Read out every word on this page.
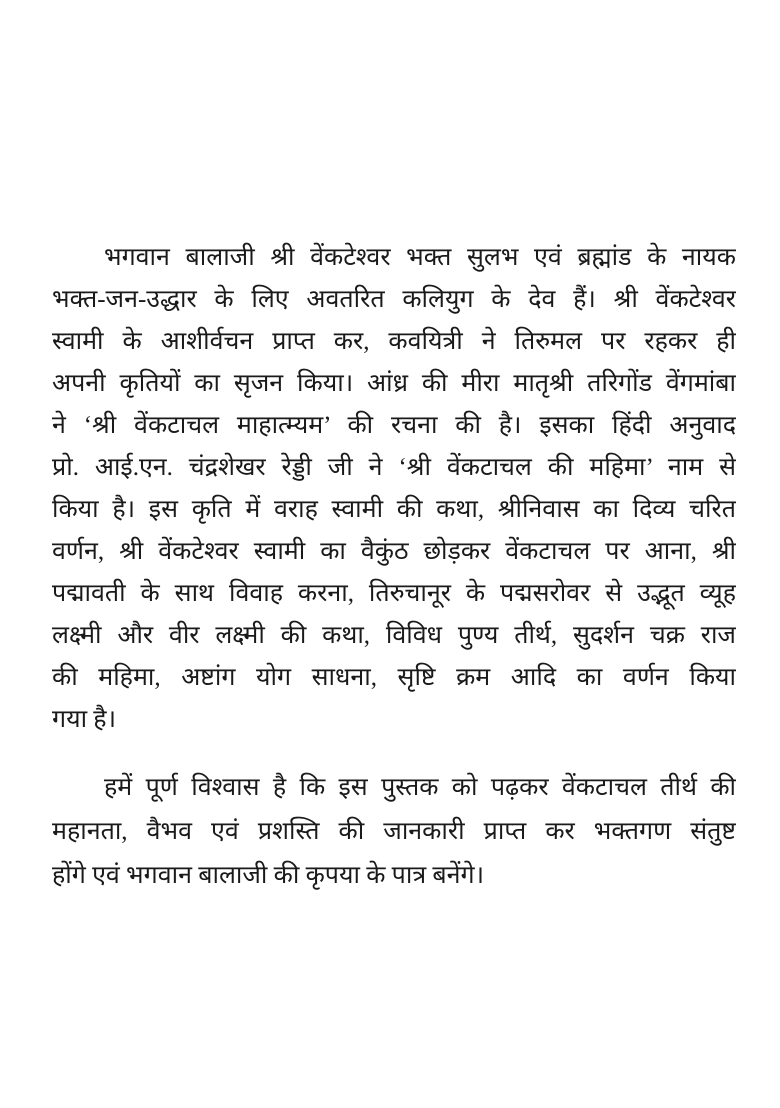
भगवान बालाजी श्री वेंकटेश्वर भक्त सुलभ एवं ब्रह्मांड के नायक
भक्त-जन-उद्धार के लिए अवतरित कलियुग के देव हैं। श्री वेंकटेश्वर
स्वामी के आशीर्वचन प्राप्त कर, कवयित्री ने तिरुमल पर रहकर ही
अपनी कृतियों का सृजन किया। आंध्र की मीरा मातृश्री तरिगोंड वेंगमांबा
ने ‘श्री वेंकटाचल माहात्म्यम’ की रचना की है। इसका हिंदी अनुवाद
प्रो. आई.एन. चंद्रशेखर रेड्डी जी ने ‘श्री वेंकटाचल की महिमा’ नाम से
किया है। इस कृति में वराह स्वामी की कथा, श्रीनिवास का दिव्य चरित
वर्णन, श्री वेंकटेश्वर स्वामी का वैकुंठ छोड़कर वेंकटाचल पर आना, श्री
पद्मावती के साथ विवाह करना, तिरुचानूर के पद्मसरोवर से उद्भूत व्यूह
लक्ष्मी और वीर लक्ष्मी की कथा, विविध पुण्य तीर्थ, सुदर्शन चक्र राज
की महिमा, अष्टांग योग साधना, सृष्टि क्रम आदि का वर्णन किया
गया है।
हमें पूर्ण विश्वास है कि इस पुस्तक को पढ़कर वेंकटाचल तीर्थ की
महानता, वैभव एवं प्रशस्ति की जानकारी प्राप्त कर भक्तगण संतुष्ट
होंगे एवं भगवान बालाजी की कृपया के पात्र बनेंगे।
